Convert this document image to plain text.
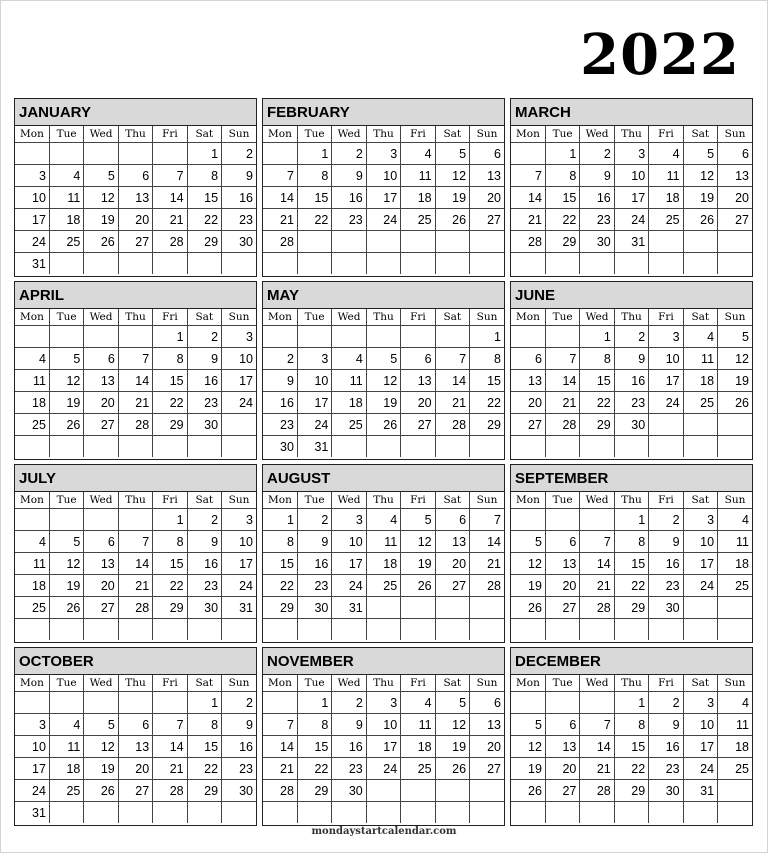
2022
JANUARY
Mon	Tue	Wed	Thu	Fri	Sat	Sun
					1	2
3	4	5	6	7	8	9
10	11	12	13	14	15	16
17	18	19	20	21	22	23
24	25	26	27	28	29	30
31						
FEBRUARY
Mon	Tue	Wed	Thu	Fri	Sat	Sun
	1	2	3	4	5	6
7	8	9	10	11	12	13
14	15	16	17	18	19	20
21	22	23	24	25	26	27
28						

MARCH
Mon	Tue	Wed	Thu	Fri	Sat	Sun
	1	2	3	4	5	6
7	8	9	10	11	12	13
14	15	16	17	18	19	20
21	22	23	24	25	26	27
28	29	30	31			

APRIL
Mon	Tue	Wed	Thu	Fri	Sat	Sun
				1	2	3
4	5	6	7	8	9	10
11	12	13	14	15	16	17
18	19	20	21	22	23	24
25	26	27	28	29	30	

MAY
Mon	Tue	Wed	Thu	Fri	Sat	Sun
						1
2	3	4	5	6	7	8
9	10	11	12	13	14	15
16	17	18	19	20	21	22
23	24	25	26	27	28	29
30	31					
JUNE
Mon	Tue	Wed	Thu	Fri	Sat	Sun
		1	2	3	4	5
6	7	8	9	10	11	12
13	14	15	16	17	18	19
20	21	22	23	24	25	26
27	28	29	30			

JULY
Mon	Tue	Wed	Thu	Fri	Sat	Sun
				1	2	3
4	5	6	7	8	9	10
11	12	13	14	15	16	17
18	19	20	21	22	23	24
25	26	27	28	29	30	31

AUGUST
Mon	Tue	Wed	Thu	Fri	Sat	Sun
1	2	3	4	5	6	7
8	9	10	11	12	13	14
15	16	17	18	19	20	21
22	23	24	25	26	27	28
29	30	31				

SEPTEMBER
Mon	Tue	Wed	Thu	Fri	Sat	Sun
			1	2	3	4
5	6	7	8	9	10	11
12	13	14	15	16	17	18
19	20	21	22	23	24	25
26	27	28	29	30		

OCTOBER
Mon	Tue	Wed	Thu	Fri	Sat	Sun
					1	2
3	4	5	6	7	8	9
10	11	12	13	14	15	16
17	18	19	20	21	22	23
24	25	26	27	28	29	30
31						
NOVEMBER
Mon	Tue	Wed	Thu	Fri	Sat	Sun
	1	2	3	4	5	6
7	8	9	10	11	12	13
14	15	16	17	18	19	20
21	22	23	24	25	26	27
28	29	30				

DECEMBER
Mon	Tue	Wed	Thu	Fri	Sat	Sun
			1	2	3	4
5	6	7	8	9	10	11
12	13	14	15	16	17	18
19	20	21	22	23	24	25
26	27	28	29	30	31	

mondaystartcalendar.com
